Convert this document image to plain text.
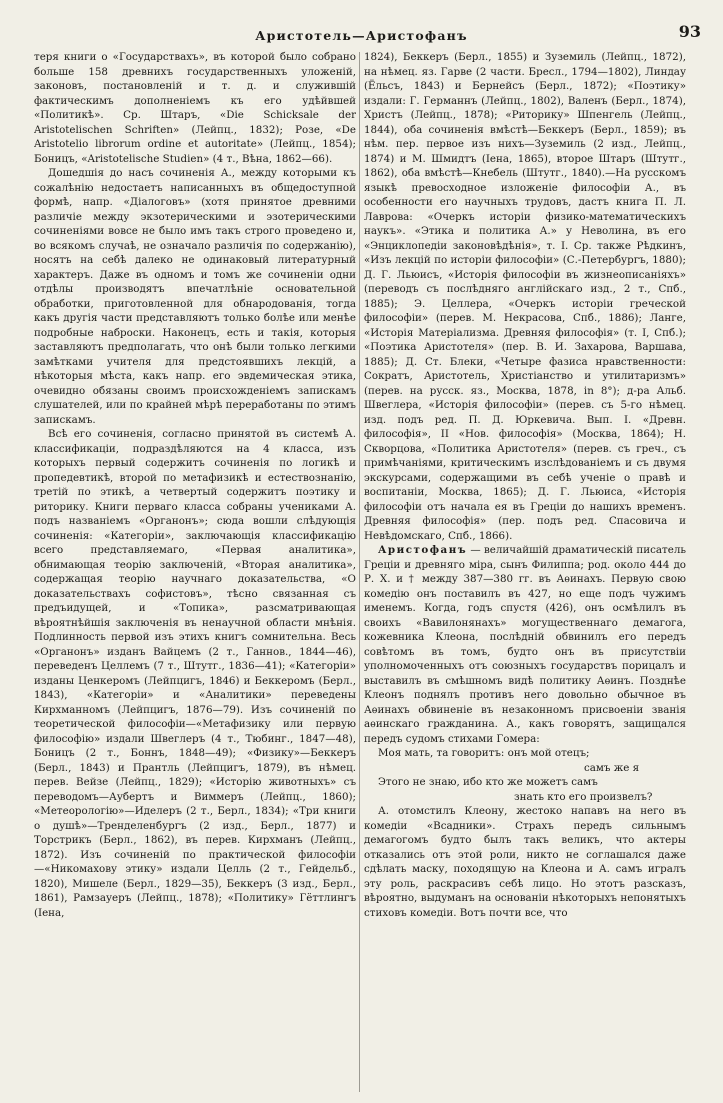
Аристотель—Аристофанъ	93

теря книги о «Государствахъ», въ которой было собрано больше 158 древнихъ государственныхъ уложеній, законовъ, постановленій и т. д. и служившій фактическимъ дополненіемъ къ его удѣйвшей «Политикѣ». Ср. Штаръ, «Die Schicksale der Aristotelischen Schriften» (Лейпц., 1832); Розе, «De Aristotelio librorum ordine et autoritate» (Лейпц., 1854); Боницъ, «Aristotelische Studien» (4 т., Вѣна, 1862—66).

Дошедшія до насъ сочиненія А., между которыми къ сожалѣнію недостаетъ написанныхъ въ общедоступной формѣ, напр. «Діалоговъ» (хотя принятое древними различіе между экзотерическими и эзотерическими сочиненіями вовсе не было имъ такъ строго проведено и, во всякомъ случаѣ, не означало различія по содержанію), носятъ на себѣ далеко не одинаковый литературный характеръ. Даже въ одномъ и томъ же сочиненіи одни отдѣлы производятъ впечатлѣніе основательной обработки, приготовленной для обнародованія, тогда какъ другія части представляютъ только болѣе или менѣе подробные наброски. Наконецъ, есть и такія, которыя заставляютъ предполагать, что онѣ были только легкими замѣтками учителя для предстоявшихъ лекцій, а нѣкоторыя мѣста, какъ напр. его эвдемическая этика, очевидно обязаны своимъ происхожденіемъ запискамъ слушателей, или по крайней мѣрѣ переработаны по этимъ запискамъ.

Всѣ его сочиненія, согласно принятой въ системѣ А. классификаціи, подраздѣляются на 4 класса, изъ которыхъ первый содержитъ сочиненія по логикѣ и пропедевтикѣ, второй по метафизикѣ и естествознанію, третій по этикѣ, а четвертый содержитъ поэтику и риторику. Книги перваго класса собраны учениками А. подъ названіемъ «Органонъ»; сюда вошли слѣдующія сочиненія: «Категоріи», заключающія классификацію всего представляемаго, «Первая аналитика», обнимающая теорію заключеній, «Вторая аналитика», содержащая теорію научнаго доказательства, «О доказательствахъ софистовъ», тѣсно связанная съ предъидущей, и «Топика», разсматривающая вѣроятнѣйшія заключенія въ ненаучной области мнѣнія. Подлинность первой изъ этихъ книгъ сомнительна. Весь «Органонъ» изданъ Вайцемъ (2 т., Ганнов., 1844—46), переведенъ Целлемъ (7 т., Штутг., 1836—41); «Категоріи» изданы Ценкеромъ (Лейпцигъ, 1846) и Беккеромъ (Берл., 1843), «Категоріи» и «Аналитики» переведены Кирхманномъ (Лейпцигъ, 1876—79). Изъ сочиненій по теоретической философіи—«Метафизику или первую философію» издали Швеглеръ (4 т., Тюбинг., 1847—48), Боницъ (2 т., Боннъ, 1848—49); «Физику»—Беккеръ (Берл., 1843) и Прантль (Лейпцигъ, 1879), въ нѣмец. перев. Вейзе (Лейпц., 1829); «Исторію животныхъ» съ переводомъ—Аубертъ и Виммеръ (Лейпц., 1860); «Метеорологію»—Иделеръ (2 т., Берл., 1834); «Три книги о душѣ»—Тренделенбургъ (2 изд., Берл., 1877) и Торстрикъ (Берл., 1862), въ перев. Кирхманъ (Лейпц., 1872). Изъ сочиненій по практической философіи—«Никомахову этику» издали Целль (2 т., Гейдельб., 1820), Мишеле (Берл., 1829—35), Беккеръ (3 изд., Берл., 1861), Рамзауеръ (Лейпц., 1878); «Политику» Гёттлингъ (Іена,

1824), Беккеръ (Берл., 1855) и Зуземиль (Лейпц., 1872), на нѣмец. яз. Гарве (2 части. Бресл., 1794—1802), Линдау (Ёльсъ, 1843) и Бернейсъ (Берл., 1872); «Поэтику» издали: Г. Германнъ (Лейпц., 1802), Валенъ (Берл., 1874), Христъ (Лейпц., 1878); «Риторику» Шпенгель (Лейпц., 1844), оба сочиненія вмѣстѣ—Беккеръ (Берл., 1859); въ нѣм. пер. первое изъ нихъ—Зуземиль (2 изд., Лейпц., 1874) и М. Шмидтъ (Іена, 1865), второе Штаръ (Штутг., 1862), оба вмѣстѣ—Кнебель (Штутг., 1840).—На русскомъ языкѣ превосходное изложеніе философіи А., въ особенности его научныхъ трудовъ, дастъ книга П. Л. Лаврова: «Очеркъ исторіи физико-математическихъ наукъ». «Этика и политика А.» у Неволина, въ его «Энциклопедіи законовѣдѣнія», т. I. Ср. также Рѣдкинъ, «Изъ лекцій по исторіи философіи» (С.-Петербургъ, 1880); Д. Г. Льюисъ, «Исторія философіи въ жизнеописаніяхъ» (переводъ съ послѣдняго англійскаго изд., 2 т., Спб., 1885); Э. Целлера, «Очеркъ исторіи греческой философіи» (перев. М. Некрасова, Спб., 1886); Ланге, «Исторія Матеріализма. Древняя философія» (т. I, Спб.); «Поэтика Аристотеля» (пер. В. И. Захарова, Варшава, 1885); Д. Ст. Блеки, «Четыре фазиса нравственности: Сократъ, Аристотель, Христіанство и утилитаризмъ» (перев. на русск. яз., Москва, 1878, in 8°); д-ра Альб. Швеглера, «Исторія философіи» (перев. съ 5-го нѣмец. изд. подъ ред. П. Д. Юркевича. Вып. I. «Древн. философія», II «Нов. философія» (Москва, 1864); Н. Скворцова, «Политика Аристотеля» (перев. съ греч., съ примѣчаніями, критическимъ изслѣдованіемъ и съ двумя экскурсами, содержащими въ себѣ ученіе о правѣ и воспитаніи, Москва, 1865); Д. Г. Льюиса, «Исторія философіи отъ начала ея въ Греціи до нашихъ временъ. Древняя философія» (пер. подъ ред. Спасовича и Невѣдомскаго, Спб., 1866).

Аристофанъ — величайшій драматическій писатель Греціи и древняго міра, сынъ Филиппа; род. около 444 до Р. Х. и † между 387—380 гг. въ Аѳинахъ. Первую свою комедію онъ поставилъ въ 427, но еще подъ чужимъ именемъ. Когда, годъ спустя (426), онъ осмѣлилъ въ своихъ «Вавилонянахъ» могущественнаго демагога, кожевника Клеона, послѣдній обвинилъ его передъ совѣтомъ въ томъ, будто онъ въ присутствіи уполномоченныхъ отъ союзныхъ государствъ порицалъ и выставилъ въ смѣшномъ видѣ политику Аѳинъ. Позднѣе Клеонъ поднялъ противъ него довольно обычное въ Аѳинахъ обвиненіе въ незаконномъ присвоеніи званія аѳинскаго гражданина. А., какъ говорятъ, защищался передъ судомъ стихами Гомера:

Моя мать, та говоритъ: онъ мой отецъ;

самъ же я

Этого не знаю, ибо кто же можетъ самъ

знать кто его произвелъ?

А. отомстилъ Клеону, жестоко напавъ на него въ комедіи «Всадники». Страхъ передъ сильнымъ демагогомъ будто былъ такъ великъ, что актеры отказались отъ этой роли, никто не соглашался даже сдѣлать маску, походящую на Клеона и А. самъ игралъ эту роль, раскрасивъ себѣ лицо. Но этотъ разсказъ, вѣроятно, выдуманъ на основаніи нѣкоторыхъ непонятыхъ стиховъ комедіи. Вотъ почти все, что
